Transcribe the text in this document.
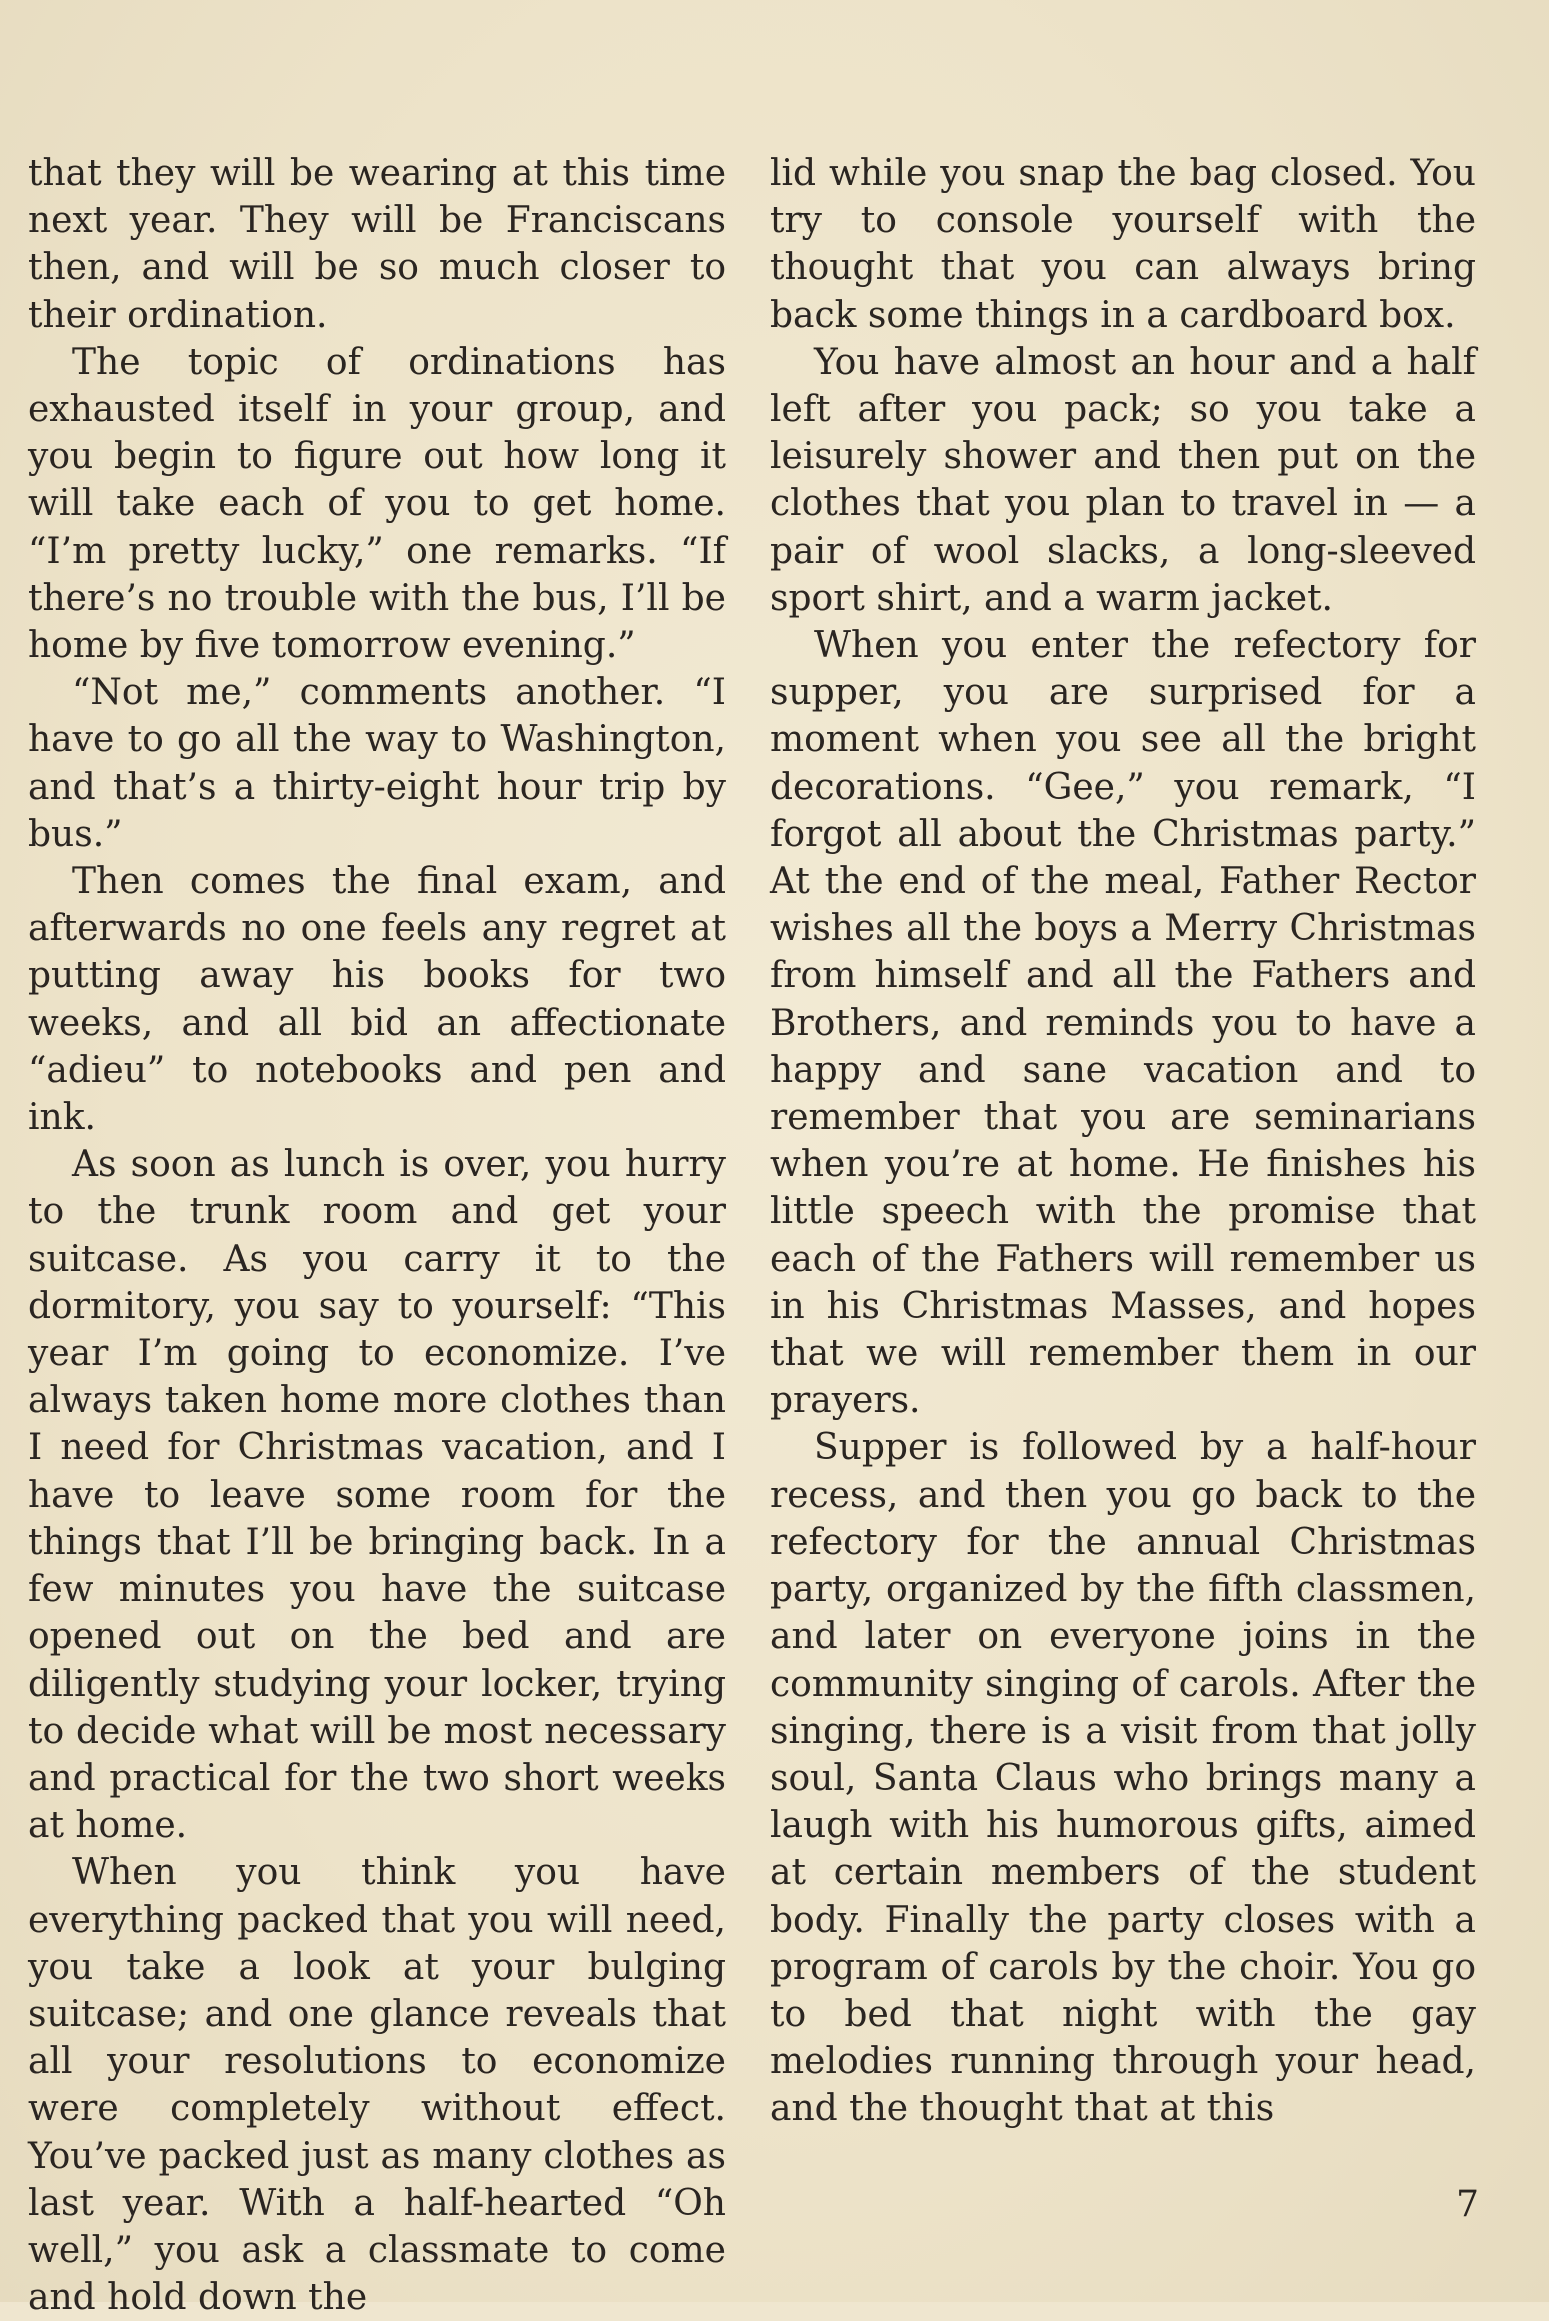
that they will be wearing at this time next year. They will be Franciscans then, and will be so much closer to their ordination.

The topic of ordinations has exhausted itself in your group, and you begin to figure out how long it will take each of you to get home. “I’m pretty lucky,” one remarks. “If there’s no trouble with the bus, I’ll be home by five tomorrow evening.”

“Not me,” comments another. “I have to go all the way to Washington, and that’s a thirty-eight hour trip by bus.”

Then comes the final exam, and afterwards no one feels any regret at putting away his books for two weeks, and all bid an affectionate “adieu” to notebooks and pen and ink.

As soon as lunch is over, you hurry to the trunk room and get your suitcase. As you carry it to the dormitory, you say to yourself: “This year I’m going to economize. I’ve always taken home more clothes than I need for Christmas vacation, and I have to leave some room for the things that I’ll be bringing back. In a few minutes you have the suitcase opened out on the bed and are diligently studying your locker, trying to decide what will be most necessary and practical for the two short weeks at home.

When you think you have everything packed that you will need, you take a look at your bulging suitcase; and one glance reveals that all your resolutions to economize were completely without effect. You’ve packed just as many clothes as last year. With a half-hearted “Oh well,” you ask a classmate to come and hold down the

lid while you snap the bag closed. You try to console yourself with the thought that you can always bring back some things in a cardboard box.

You have almost an hour and a half left after you pack; so you take a leisurely shower and then put on the clothes that you plan to travel in — a pair of wool slacks, a long-sleeved sport shirt, and a warm jacket.

When you enter the refectory for supper, you are surprised for a moment when you see all the bright decorations. “Gee,” you remark, “I forgot all about the Christmas party.” At the end of the meal, Father Rector wishes all the boys a Merry Christmas from himself and all the Fathers and Brothers, and reminds you to have a happy and sane vacation and to remember that you are seminarians when you’re at home. He finishes his little speech with the promise that each of the Fathers will remember us in his Christmas Masses, and hopes that we will remember them in our prayers.

Supper is followed by a half-hour recess, and then you go back to the refectory for the annual Christmas party, organized by the fifth classmen, and later on everyone joins in the community singing of carols. After the singing, there is a visit from that jolly soul, Santa Claus who brings many a laugh with his humorous gifts, aimed at certain members of the student body. Finally the party closes with a program of carols by the choir. You go to bed that night with the gay melodies running through your head, and the thought that at this

7
